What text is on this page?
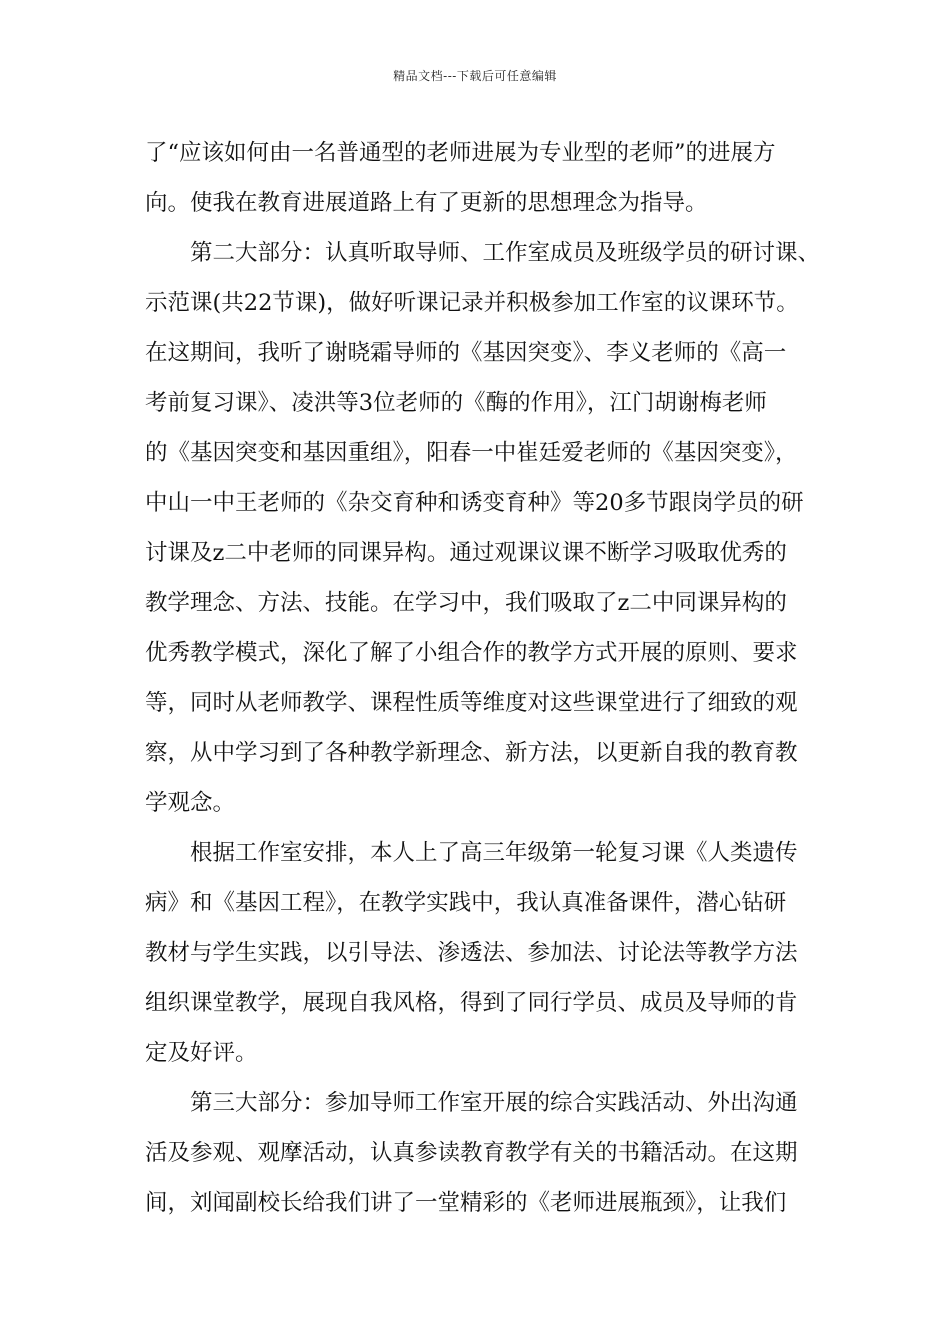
精品文档---下载后可任意编辑
了“应该如何由一名普通型的老师进展为专业型的老师”的进展方
向。使我在教育进展道路上有了更新的思想理念为指导。
第二大部分：认真听取导师、工作室成员及班级学员的研讨课、
示范课(共22节课)，做好听课记录并积极参加工作室的议课环节。
在这期间，我听了谢晓霜导师的《基因突变》、李义老师的《高一
考前复习课》、凌洪等3位老师的《酶的作用》，江门胡谢梅老师
的《基因突变和基因重组》，阳春一中崔廷爱老师的《基因突变》，
中山一中王老师的《杂交育种和诱变育种》等20多节跟岗学员的研
讨课及z二中老师的同课异构。通过观课议课不断学习吸取优秀的
教学理念、方法、技能。在学习中，我们吸取了z二中同课异构的
优秀教学模式，深化了解了小组合作的教学方式开展的原则、要求
等，同时从老师教学、课程性质等维度对这些课堂进行了细致的观
察，从中学习到了各种教学新理念、新方法，以更新自我的教育教
学观念。
根据工作室安排，本人上了高三年级第一轮复习课《人类遗传
病》和《基因工程》，在教学实践中，我认真准备课件，潜心钻研
教材与学生实践，以引导法、渗透法、参加法、讨论法等教学方法
组织课堂教学，展现自我风格，得到了同行学员、成员及导师的肯
定及好评。
第三大部分：参加导师工作室开展的综合实践活动、外出沟通
活及参观、观摩活动，认真参读教育教学有关的书籍活动。在这期
间，刘闻副校长给我们讲了一堂精彩的《老师进展瓶颈》，让我们
